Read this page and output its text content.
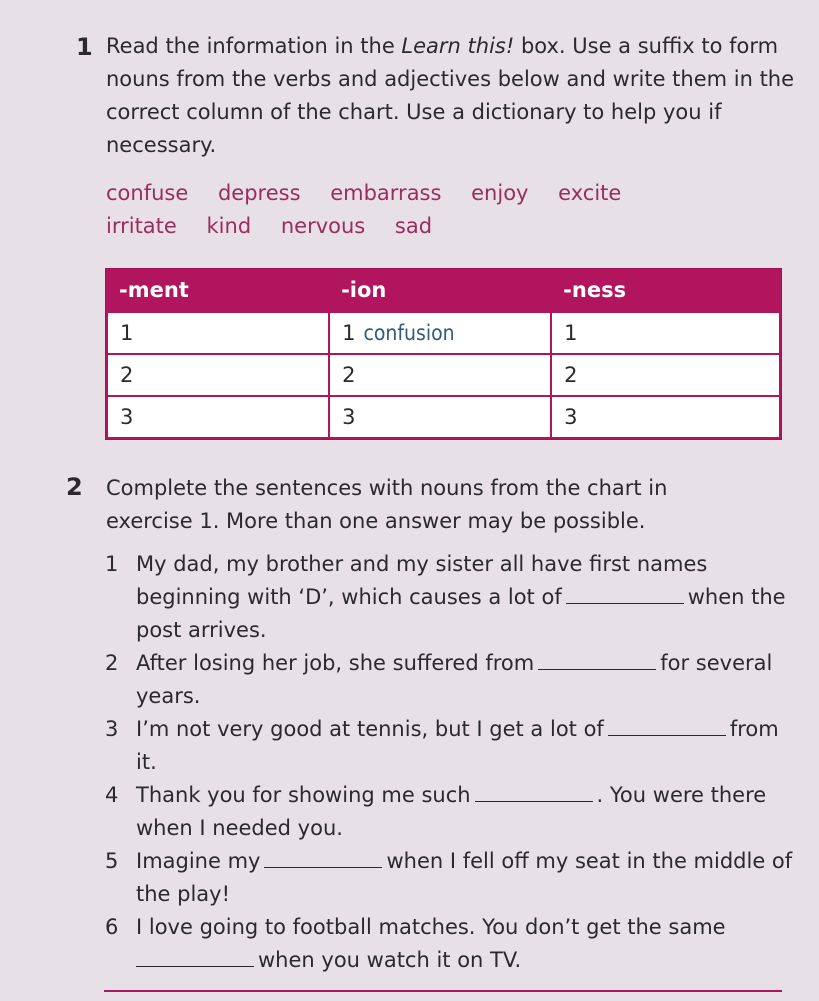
1 Read the information in the Learn this! box. Use a suffix to form nouns from the verbs and adjectives below and write them in the correct column of the chart. Use a dictionary to help you if necessary.
confuse depress embarrass enjoy excite
irritate kind nervous sad
-ment	-ion	-ness
1	1 confusion	1
2	2	2
3	3	3
2 Complete the sentences with nouns from the chart in exercise 1. More than one answer may be possible.
1 My dad, my brother and my sister all have first names beginning with ‘D’, which causes a lot of	when the post arrives.
2 After losing her job, she suffered from	for several years.
3 I’m not very good at tennis, but I get a lot of	from it.
4 Thank you for showing me such	. You were there when I needed you.
5 Imagine my	when I fell off my seat in the middle of the play!
6 I love going to football matches. You don’t get the same
when you watch it on TV.
